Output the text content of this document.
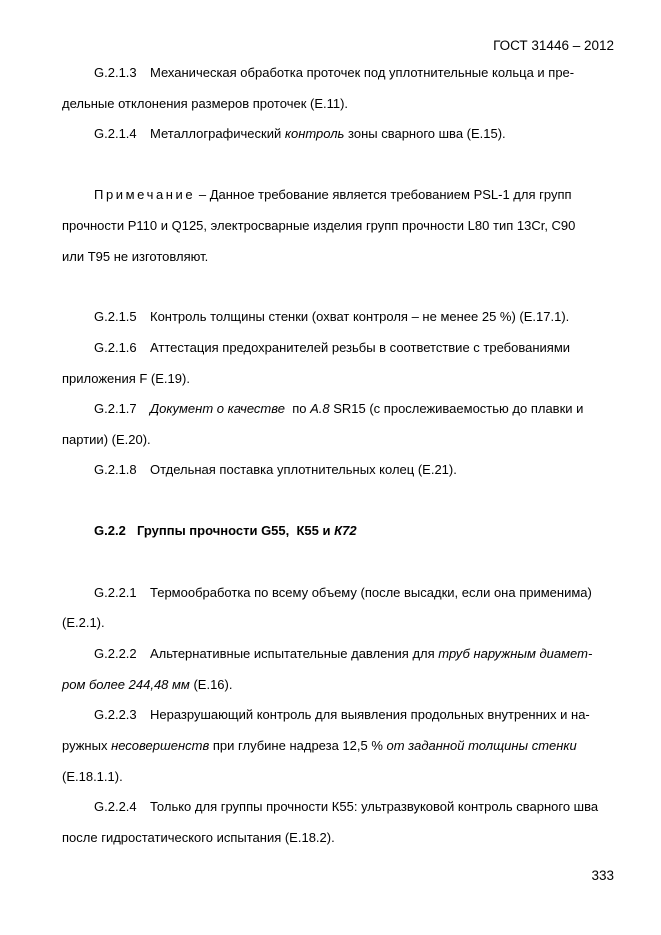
ГОСТ 31446 – 2012
G.2.1.3 Механическая обработка проточек под уплотнительные кольца и пре-
дельные отклонения размеров проточек (Е.11).
G.2.1.4 Металлографический контроль зоны сварного шва (Е.15).
Примечание – Данное требование является требованием PSL-1 для групп
прочности Р110 и Q125, электросварные изделия групп прочности L80 тип 13Cr, С90
или Т95 не изготовляют.
G.2.1.5 Контроль толщины стенки (охват контроля – не менее 25 %) (Е.17.1).
G.2.1.6 Аттестация предохранителей резьбы в соответствие с требованиями
приложения F (Е.19).
G.2.1.7 Документ о качестве  по А.8 SR15 (с прослеживаемостью до плавки и
партии) (Е.20).
G.2.1.8 Отдельная поставка уплотнительных колец (Е.21).
G.2.2 Группы прочности G55,  К55 и К72
G.2.2.1 Термообработка по всему объему (после высадки, если она применима)
(Е.2.1).
G.2.2.2 Альтернативные испытательные давления для труб наружным диамет-
ром более 244,48 мм (Е.16).
G.2.2.3 Неразрушающий контроль для выявления продольных внутренних и на-
ружных несовершенств при глубине надреза 12,5 % от заданной толщины стенки
(Е.18.1.1).
G.2.2.4 Только для группы прочности К55: ультразвуковой контроль сварного шва
после гидростатического испытания (Е.18.2).
333
